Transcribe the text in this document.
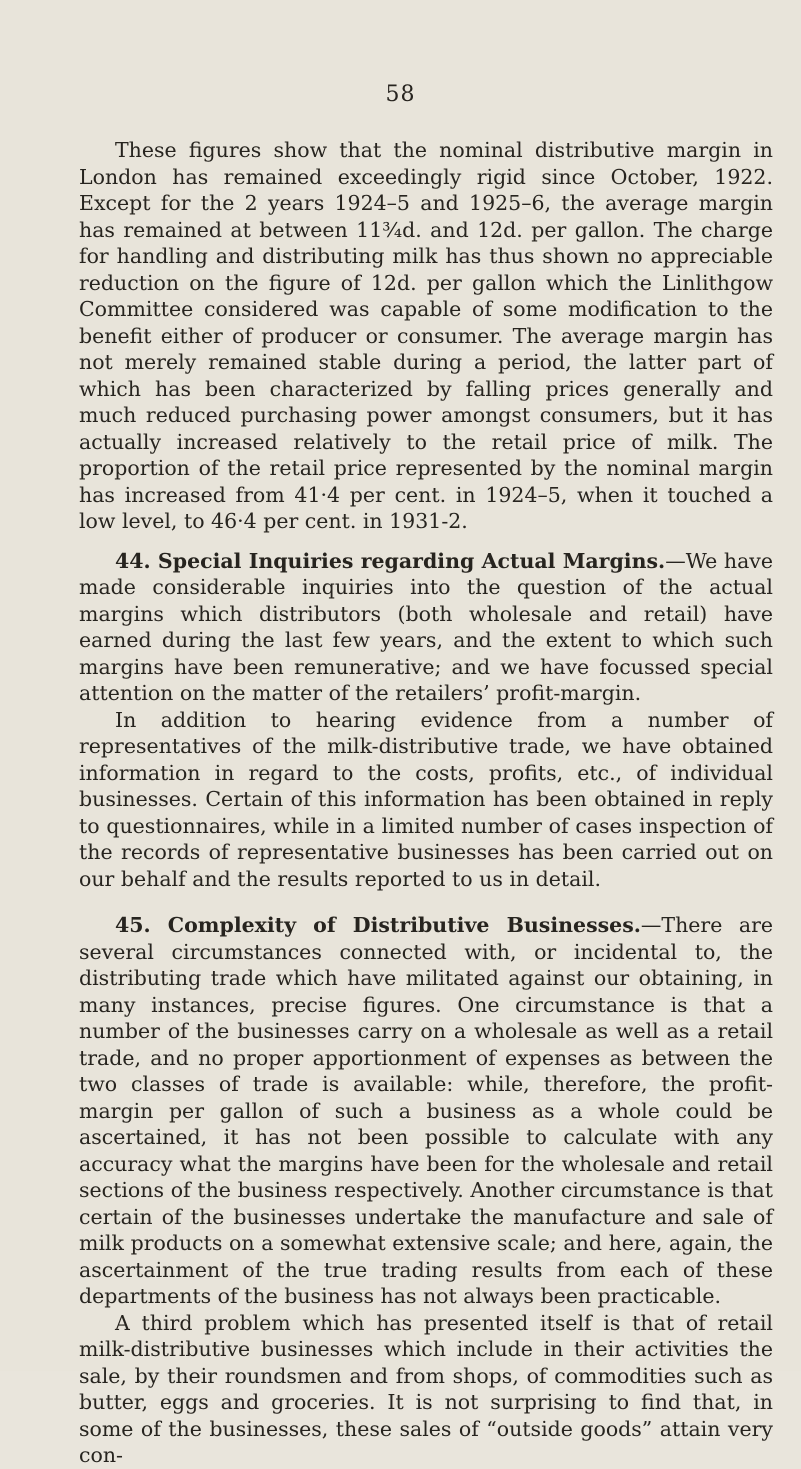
58

These figures show that the nominal distributive margin in London has remained exceedingly rigid since October, 1922. Except for the 2 years 1924–5 and 1925–6, the average margin has remained at between 11¾d. and 12d. per gallon. The charge for handling and distributing milk has thus shown no appreciable reduction on the figure of 12d. per gallon which the Linlithgow Committee considered was capable of some modification to the benefit either of producer or consumer. The average margin has not merely remained stable during a period, the latter part of which has been characterized by falling prices generally and much reduced purchasing power amongst consumers, but it has actually increased relatively to the retail price of milk. The proportion of the retail price represented by the nominal margin has increased from 41·4 per cent. in 1924–5, when it touched a low level, to 46·4 per cent. in 1931-2.

44. Special Inquiries regarding Actual Margins.—We have made considerable inquiries into the question of the actual margins which distributors (both wholesale and retail) have earned during the last few years, and the extent to which such margins have been remunerative; and we have focussed special attention on the matter of the retailers’ profit-margin.

In addition to hearing evidence from a number of representatives of the milk-distributive trade, we have obtained information in regard to the costs, profits, etc., of individual businesses. Certain of this information has been obtained in reply to questionnaires, while in a limited number of cases inspection of the records of representative businesses has been carried out on our behalf and the results reported to us in detail.

45. Complexity of Distributive Businesses.—There are several circumstances connected with, or incidental to, the distributing trade which have militated against our obtaining, in many instances, precise figures. One circumstance is that a number of the businesses carry on a wholesale as well as a retail trade, and no proper apportionment of expenses as between the two classes of trade is available: while, therefore, the profit-margin per gallon of such a business as a whole could be ascertained, it has not been possible to calculate with any accuracy what the margins have been for the wholesale and retail sections of the business respectively. Another circumstance is that certain of the businesses undertake the manufacture and sale of milk products on a somewhat extensive scale; and here, again, the ascertainment of the true trading results from each of these departments of the business has not always been practicable.

A third problem which has presented itself is that of retail milk-distributive businesses which include in their activities the sale, by their roundsmen and from shops, of commodities such as butter, eggs and groceries. It is not surprising to find that, in some of the businesses, these sales of “outside goods” attain very con-
